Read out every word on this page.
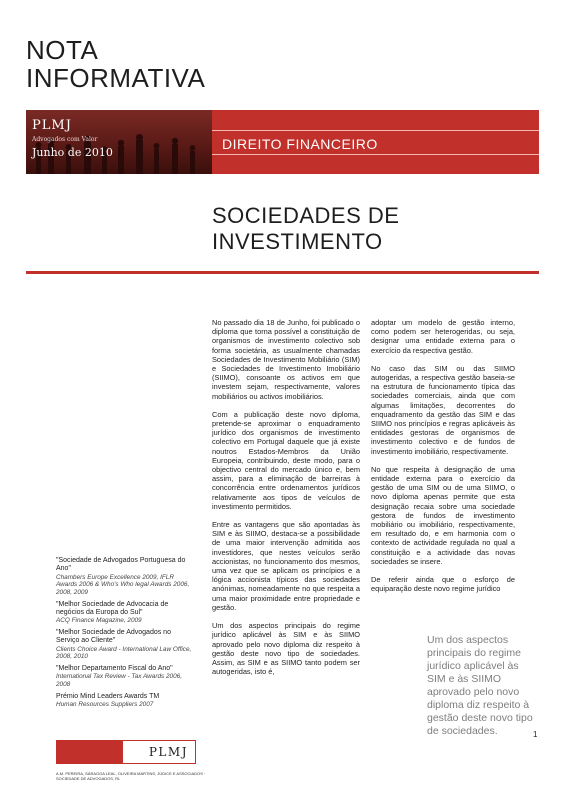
NOTA
INFORMATIVA
PLMJ
Advogados com Valor
Junho de 2010
DIREITO FINANCEIRO
SOCIEDADES DE
INVESTIMENTO

No passado dia 18 de Junho, foi publicado o diploma que torna possível a constituição de organismos de investimento colectivo sob forma societária, as usualmente chamadas Sociedades de Investimento Mobiliário (SIM) e Sociedades de Investimento Imobiliário (SIIMO), consoante os activos em que investem sejam, respectivamente, valores mobiliários ou activos imobiliários.

Com a publicação deste novo diploma, pretende-se aproximar o enquadramento jurídico dos organismos de investimento colectivo em Portugal daquele que já existe noutros Estados-Membros da União Europeia, contribuindo, deste modo, para o objectivo central do mercado único e, bem assim, para a eliminação de barreiras à concorrência entre ordenamentos jurídicos relativamente aos tipos de veículos de investimento permitidos.

Entre as vantagens que são apontadas às SIM e às SIIMO, destaca-se a possibilidade de uma maior intervenção admitida aos investidores, que nestes veículos serão accionistas, no funcionamento dos mesmos, uma vez que se aplicam os princípios e a lógica accionista típicos das sociedades anónimas, nomeadamente no que respeita a uma maior proximidade entre propriedade e gestão.

Um dos aspectos principais do regime jurídico aplicável às SIM e às SIIMO aprovado pelo novo diploma diz respeito à gestão deste novo tipo de sociedades. Assim, as SIM e as SIIMO tanto podem ser autogeridas, isto é,

adoptar um modelo de gestão interno, como podem ser heterogeridas, ou seja, designar uma entidade externa para o exercício da respectiva gestão.

No caso das SIM ou das SIIMO autogeridas, a respectiva gestão baseia-se na estrutura de funcionamento típica das sociedades comerciais, ainda que com algumas limitações, decorrentes do enquadramento da gestão das SIM e das SIIMO nos princípios e regras aplicáveis às entidades gestoras de organismos de investimento colectivo e de fundos de investimento imobiliário, respectivamente.

No que respeita à designação de uma entidade externa para o exercício da gestão de uma SIM ou de uma SIIMO, o novo diploma apenas permite que esta designação recaia sobre uma sociedade gestora de fundos de investimento mobiliário ou imobiliário, respectivamente, em resultado do, e em harmonia com o contexto de actividade regulada no qual a constituição e a actividade das novas sociedades se insere.

De referir ainda que o esforço de equiparação deste novo regime jurídico

Um dos aspectos principais do regime jurídico aplicável às SIM e às SIIMO aprovado pelo novo diploma diz respeito à gestão deste novo tipo de sociedades.
"Sociedade de Advogados Portuguesa do Ano"
Chambers Europe Excellence 2009, IFLR Awards 2006 & Who's Who legal Awards 2006, 2008, 2009
"Melhor Sociedade de Advocacia de negócios da Europa do Sul"
ACQ Finance Magazine, 2009
"Melhor Sociedade de Advogados no Serviço ao Cliente"
Clients Choice Award - International Law Office, 2008, 2010
"Melhor Departamento Fiscal do Ano"
International Tax Review - Tax Awards 2006, 2008
Prémio Mind Leaders Awards TM
Human Resources Suppliers 2007
PLMJ
A.M. PEREIRA, SÁRAGGA LEAL, OLIVEIRA MARTINS, JÚDICE E ASSOCIADOS · SOCIEDADE DE ADVOGADOS, RL
1
